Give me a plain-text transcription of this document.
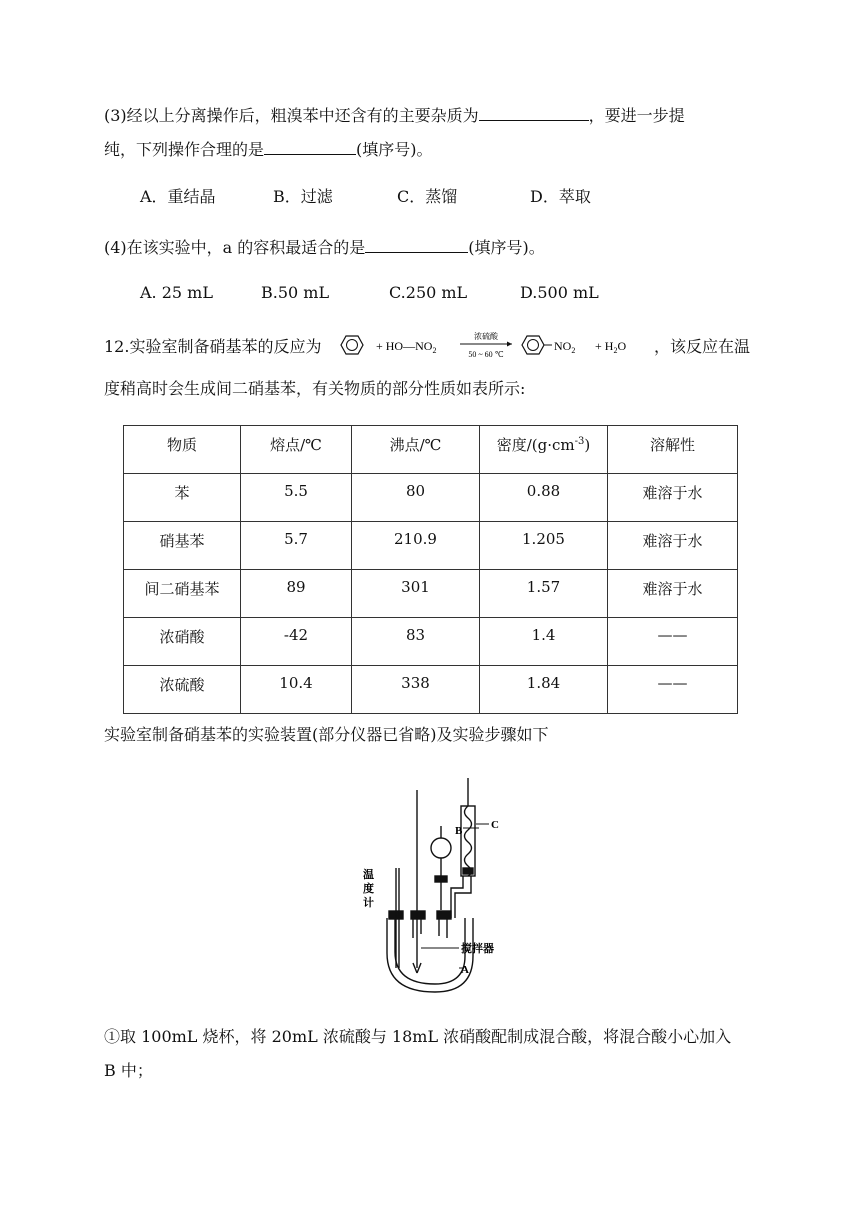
(3)经以上分离操作后，粗溴苯中还含有的主要杂质为	，要进一步提
纯，下列操作合理的是	(填序号)。
A．重结晶	B．过滤	C．蒸馏	D．萃取
(4)在该实验中，a 的容积最适合的是	(填序号)。
A. 25 mL	B.50 mL	C.250 mL	D.500 mL
12.实验室制备硝基苯的反应为	+ $HO—NO_2$
浓硫酸
50 ~ 60 ℃
$NO_2 + H_2O$ ，该反应在温
度稍高时会生成间二硝基苯，有关物质的部分性质如表所示:
物质	熔点/℃	沸点/℃	密度$/(g\cdot cm^{-3})$	溶解性
苯	5.5	80	0.88	难溶于水
硝基苯	5.7	210.9	1.205	难溶于水
间二硝基苯	89	301	1.57	难溶于水
浓硝酸	-42	83	1.4	——
浓硫酸	10.4	338	1.84	——
实验室制备硝基苯的实验装置(部分仪器已省略)及实验步骤如下
温
度
计
B	C
搅拌器
A
①取 100mL 烧杯，将 20mL 浓硫酸与 18mL 浓硝酸配制成混合酸，将混合酸小心加入
B 中；
